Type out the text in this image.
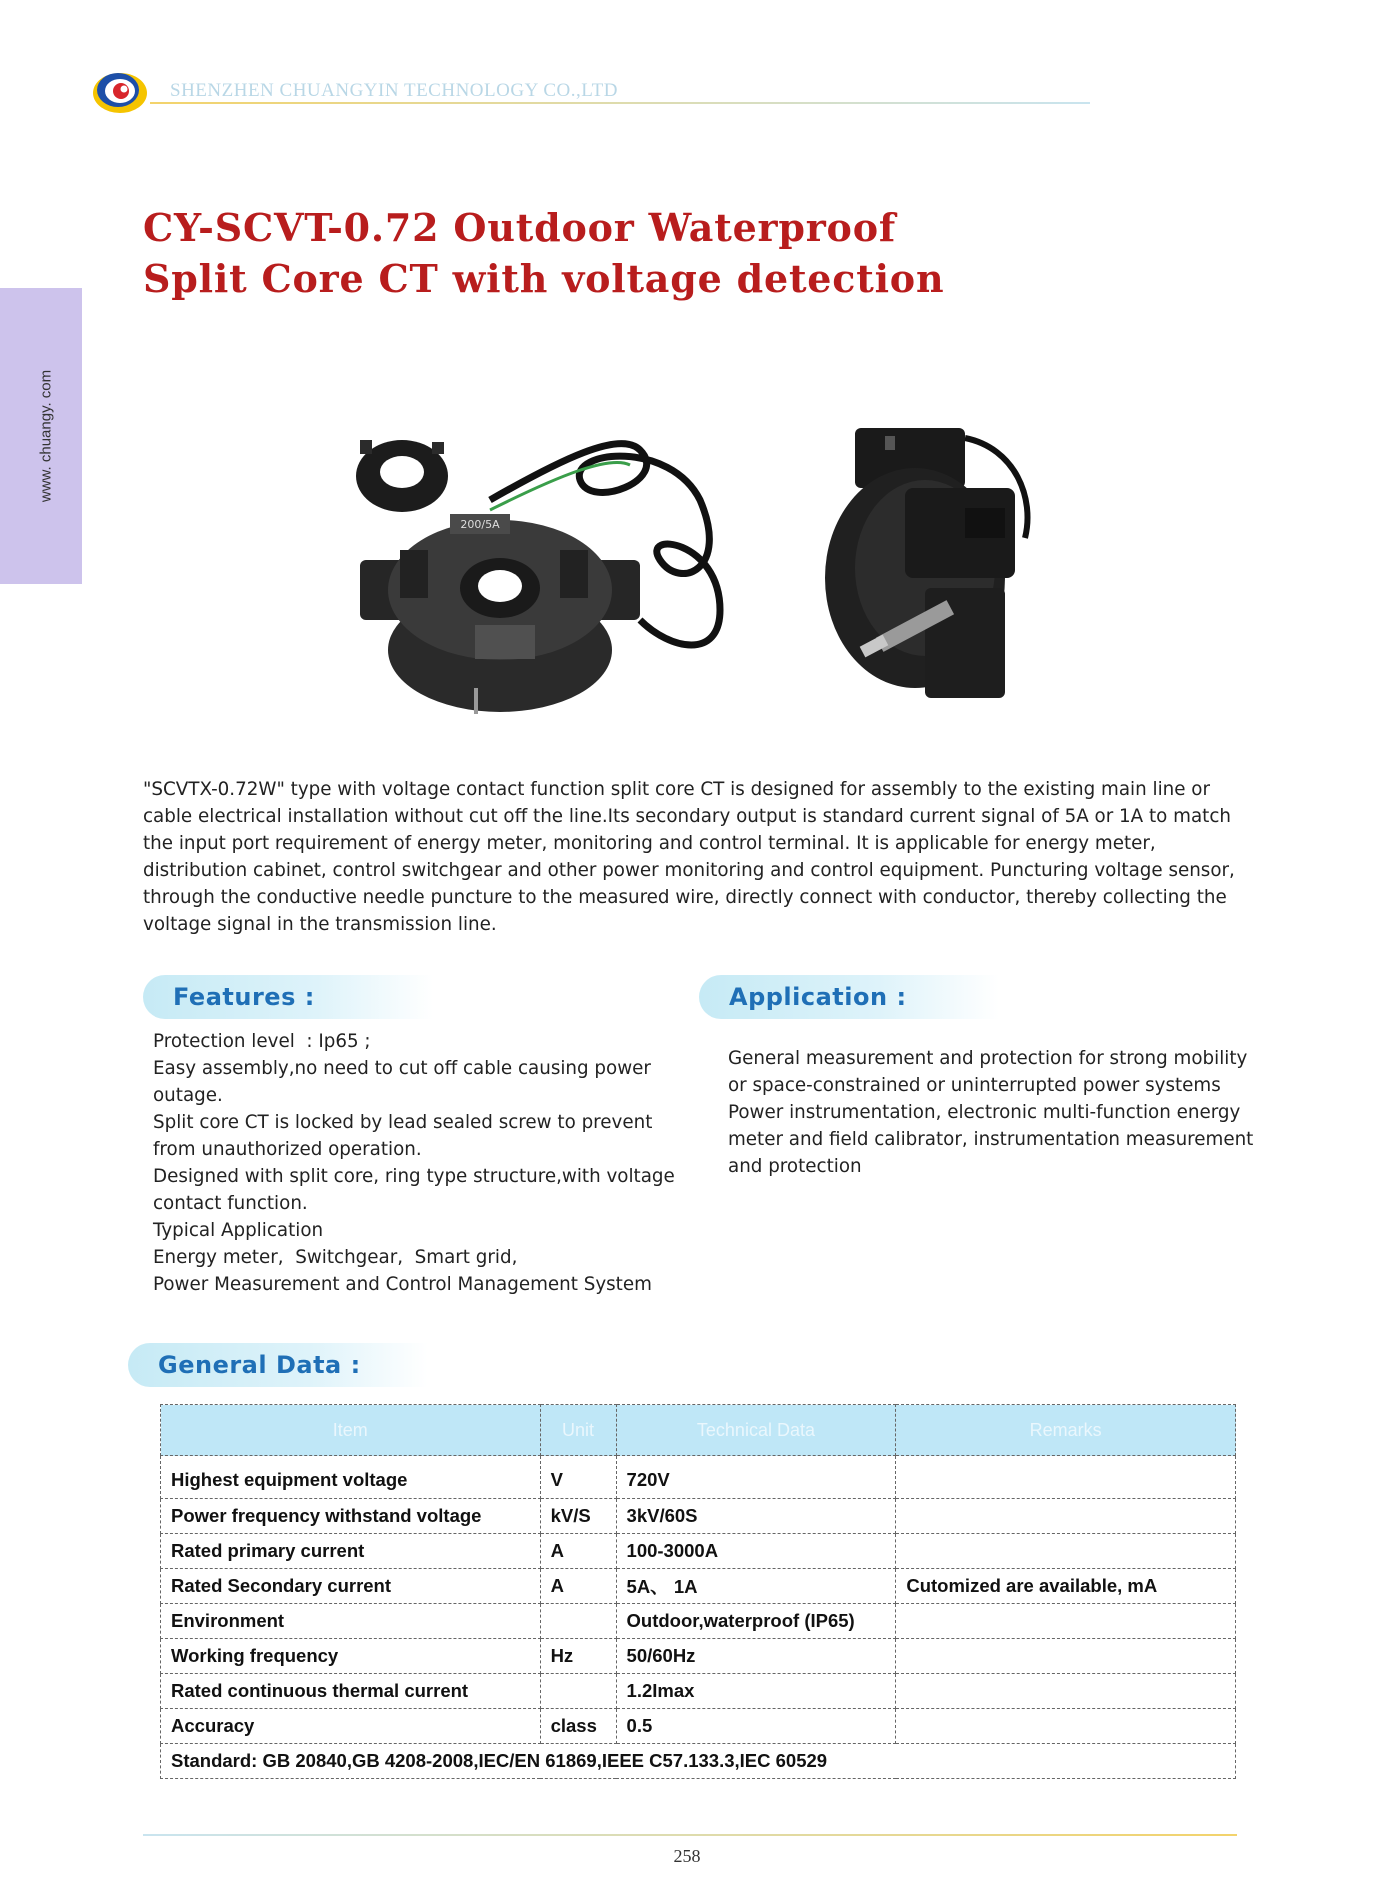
SHENZHEN CHUANGYIN TECHNOLOGY CO.,LTD
www. chuangy. com
CY-SCVT-0.72 Outdoor Waterproof
Split Core CT with voltage detection
200/5A

"SCVTX-0.72W" type with voltage contact function split core CT is designed for assembly to the existing main line or cable electrical installation without cut off the line.Its secondary output is standard current signal of 5A or 1A to match the input port requirement of energy meter, monitoring and control terminal. It is applicable for energy meter, distribution cabinet, control switchgear and other power monitoring and control equipment. Puncturing voltage sensor, through the conductive needle puncture to the measured wire, directly connect with conductor, thereby collecting the voltage signal in the transmission line.

Features :
Protection level  : Ip65 ;
Easy assembly,no need to cut off cable causing power outage.
Split core CT is locked by lead sealed screw to prevent from unauthorized operation.
Designed with split core, ring type structure,with voltage contact function.
Typical Application
Energy meter,  Switchgear,  Smart grid,
Power Measurement and Control Management System
Application :
General measurement and protection for strong mobility or space-constrained or uninterrupted power systems
Power instrumentation, electronic multi-function energy meter and field calibrator, instrumentation measurement and protection
General Data :
Item	Unit	Technical Data	Remarks
Highest equipment voltage	V	720V	
Power frequency withstand voltage	kV/S	3kV/60S	
Rated primary current	A	100-3000A	
Rated Secondary current	A	5A、 1A	Cutomized are available, mA
Environment		Outdoor,waterproof (IP65)	
Working frequency	Hz	50/60Hz	
Rated continuous thermal current		1.2Imax	
Accuracy	class	0.5	
Standard: GB 20840,GB 4208-2008,IEC/EN 61869,IEEE C57.133.3,IEC 60529			
258
